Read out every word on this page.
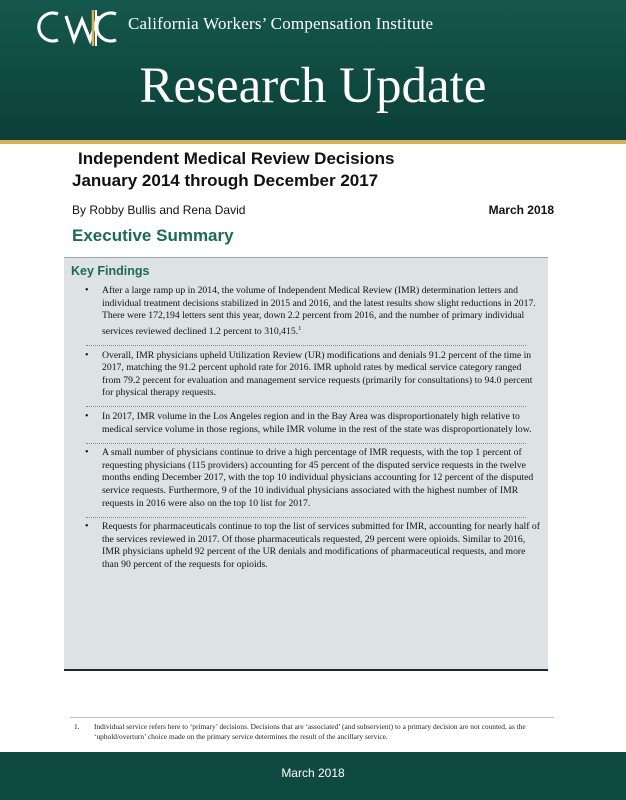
California Workers’ Compensation Institute
Research Update
Independent Medical Review Decisions
January 2014 through December 2017
By Robby Bullis and Rena David	March 2018
Executive Summary
Key Findings
• After a large ramp up in 2014, the volume of Independent Medical Review (IMR) determination letters and individual treatment decisions stabilized in 2015 and 2016, and the latest results show slight reductions in 2017. There were 172,194 letters sent this year, down 2.2 percent from 2016, and the number of primary individual services reviewed declined 1.2 percent to 310,415.$^1$
• Overall, IMR physicians upheld Utilization Review (UR) modifications and denials 91.2 percent of the time in 2017, matching the 91.2 percent uphold rate for 2016. IMR uphold rates by medical service category ranged from 79.2 percent for evaluation and management service requests (primarily for consultations) to 94.0 percent for physical therapy requests.
• In 2017, IMR volume in the Los Angeles region and in the Bay Area was disproportionately high relative to medical service volume in those regions, while IMR volume in the rest of the state was disproportionately low.
• A small number of physicians continue to drive a high percentage of IMR requests, with the top 1 percent of requesting physicians (115 providers) accounting for 45 percent of the disputed service requests in the twelve months ending December 2017, with the top 10 individual physicians accounting for 12 percent of the disputed service requests. Furthermore, 9 of the 10 individual physicians associated with the highest number of IMR requests in 2016 were also on the top 10 list for 2017.
• Requests for pharmaceuticals continue to top the list of services submitted for IMR, accounting for nearly half of the services reviewed in 2017. Of those pharmaceuticals requested, 29 percent were opioids. Similar to 2016, IMR physicians upheld 92 percent of the UR denials and modifications of pharmaceutical requests, and more than 90 percent of the requests for opioids.
1. Individual service refers here to ‘primary’ decisions. Decisions that are ‘associated’ (and subservient) to a primary decision are not counted, as the ‘uphold/overturn’ choice made on the primary service determines the result of the ancillary service.
March 2018
